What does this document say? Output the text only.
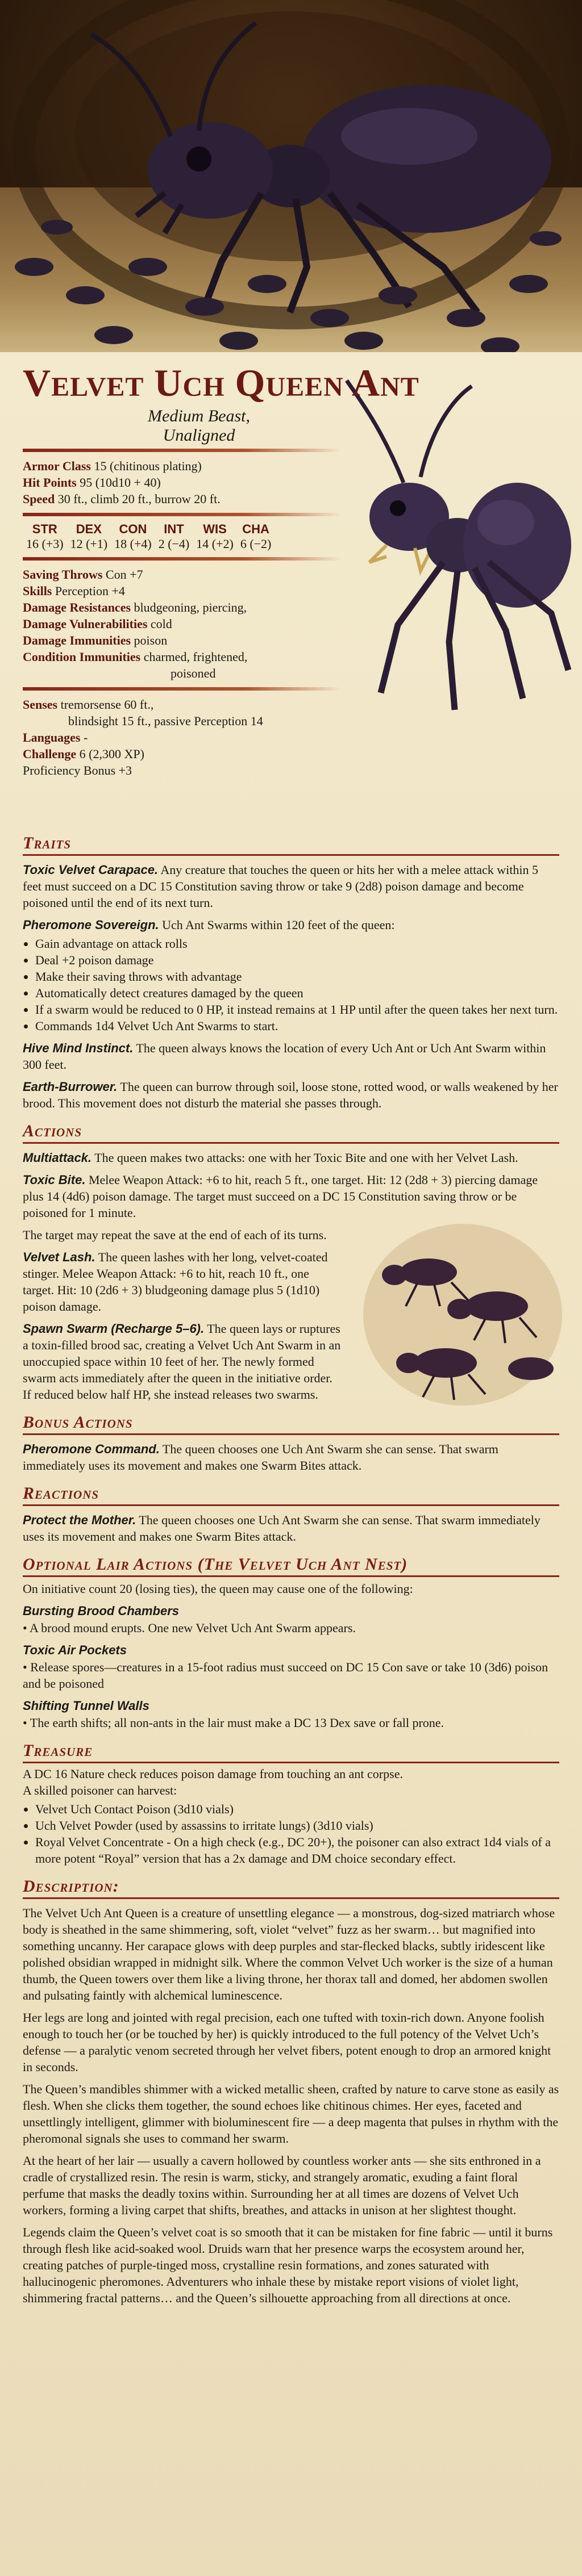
Velvet Uch Queen Ant
Medium Beast,
Unaligned
Armor Class 15 (chitinous plating)
Hit Points 95 (10d10 + 40)
Speed 30 ft., climb 20 ft., burrow 20 ft.
STR	DEX	CON	INT	WIS	CHA
16 (+3)	12 (+1)	18 (+4)	2 (−4)	14 (+2)	6 (−2)
Saving Throws Con +7
Skills Perception +4
Damage Resistances bludgeoning, piercing,
Damage Vulnerabilities cold
Damage Immunities poison
Condition Immunities charmed, frightened,
poisoned
Senses tremorsense 60 ft.,
blindsight 15 ft., passive Perception 14
Languages -
Challenge 6 (2,300 XP)
Proficiency Bonus +3
Traits

Toxic Velvet Carapace. Any creature that touches the queen or hits her with a melee attack within 5 feet must succeed on a DC 15 Constitution saving throw or take 9 (2d8) poison damage and become poisoned until the end of its next turn.

Pheromone Sovereign. Uch Ant Swarms within 120 feet of the queen:

• Gain advantage on attack rolls
• Deal +2 poison damage
• Make their saving throws with advantage
• Automatically detect creatures damaged by the queen
• If a swarm would be reduced to 0 HP, it instead remains at 1 HP until after the queen takes her next turn.
• Commands 1d4 Velvet Uch Ant Swarms to start.

Hive Mind Instinct. The queen always knows the location of every Uch Ant or Uch Ant Swarm within 300 feet.

Earth-Burrower. The queen can burrow through soil, loose stone, rotted wood, or walls weakened by her brood. This movement does not disturb the material she passes through.

Actions

Multiattack. The queen makes two attacks: one with her Toxic Bite and one with her Velvet Lash.

Toxic Bite. Melee Weapon Attack: +6 to hit, reach 5 ft., one target. Hit: 12 (2d8 + 3) piercing damage plus 14 (4d6) poison damage. The target must succeed on a DC 15 Constitution saving throw or be poisoned for 1 minute.

The target may repeat the save at the end of each of its turns.

Velvet Lash. The queen lashes with her long, velvet-coated stinger. Melee Weapon Attack: +6 to hit, reach 10 ft., one target. Hit: 10 (2d6 + 3) bludgeoning damage plus 5 (1d10) poison damage.

Spawn Swarm (Recharge 5–6). The queen lays or ruptures a toxin-filled brood sac, creating a Velvet Uch Ant Swarm in an unoccupied space within 10 feet of her. The newly formed swarm acts immediately after the queen in the initiative order. If reduced below half HP, she instead releases two swarms.

Bonus Actions

Pheromone Command. The queen chooses one Uch Ant Swarm she can sense. That swarm immediately uses its movement and makes one Swarm Bites attack.

Reactions

Protect the Mother. The queen chooses one Uch Ant Swarm she can sense. That swarm immediately uses its movement and makes one Swarm Bites attack.

Optional Lair Actions (The Velvet Uch Ant Nest)

On initiative count 20 (losing ties), the queen may cause one of the following:

Bursting Brood Chambers
• A brood mound erupts. One new Velvet Uch Ant Swarm appears.
Toxic Air Pockets
• Release spores—creatures in a 15-foot radius must succeed on DC 15 Con save or take 10 (3d6) poison and be poisoned
Shifting Tunnel Walls
• The earth shifts; all non-ants in the lair must make a DC 13 Dex save or fall prone.
Treasure
A DC 16 Nature check reduces poison damage from touching an ant corpse.
A skilled poisoner can harvest:
• Velvet Uch Contact Poison (3d10 vials)
• Uch Velvet Powder (used by assassins to irritate lungs) (3d10 vials)
• Royal Velvet Concentrate - On a high check (e.g., DC 20+), the poisoner can also extract 1d4 vials of a more potent “Royal” version that has a 2x damage and DM choice secondary effect.
Description:

The Velvet Uch Ant Queen is a creature of unsettling elegance — a monstrous, dog-sized matriarch whose body is sheathed in the same shimmering, soft, violet “velvet” fuzz as her swarm… but magnified into something uncanny. Her carapace glows with deep purples and star-flecked blacks, subtly iridescent like polished obsidian wrapped in midnight silk. Where the common Velvet Uch worker is the size of a human thumb, the Queen towers over them like a living throne, her thorax tall and domed, her abdomen swollen and pulsating faintly with alchemical luminescence.

Her legs are long and jointed with regal precision, each one tufted with toxin-rich down. Anyone foolish enough to touch her (or be touched by her) is quickly introduced to the full potency of the Velvet Uch’s defense — a paralytic venom secreted through her velvet fibers, potent enough to drop an armored knight in seconds.

The Queen’s mandibles shimmer with a wicked metallic sheen, crafted by nature to carve stone as easily as flesh. When she clicks them together, the sound echoes like chitinous chimes. Her eyes, faceted and unsettlingly intelligent, glimmer with bioluminescent fire — a deep magenta that pulses in rhythm with the pheromonal signals she uses to command her swarm.

At the heart of her lair — usually a cavern hollowed by countless worker ants — she sits enthroned in a cradle of crystallized resin. The resin is warm, sticky, and strangely aromatic, exuding a faint floral perfume that masks the deadly toxins within. Surrounding her at all times are dozens of Velvet Uch workers, forming a living carpet that shifts, breathes, and attacks in unison at her slightest thought.

Legends claim the Queen’s velvet coat is so smooth that it can be mistaken for fine fabric — until it burns through flesh like acid-soaked wool. Druids warn that her presence warps the ecosystem around her, creating patches of purple-tinged moss, crystalline resin formations, and zones saturated with hallucinogenic pheromones. Adventurers who inhale these by mistake report visions of violet light, shimmering fractal patterns… and the Queen’s silhouette approaching from all directions at once.
